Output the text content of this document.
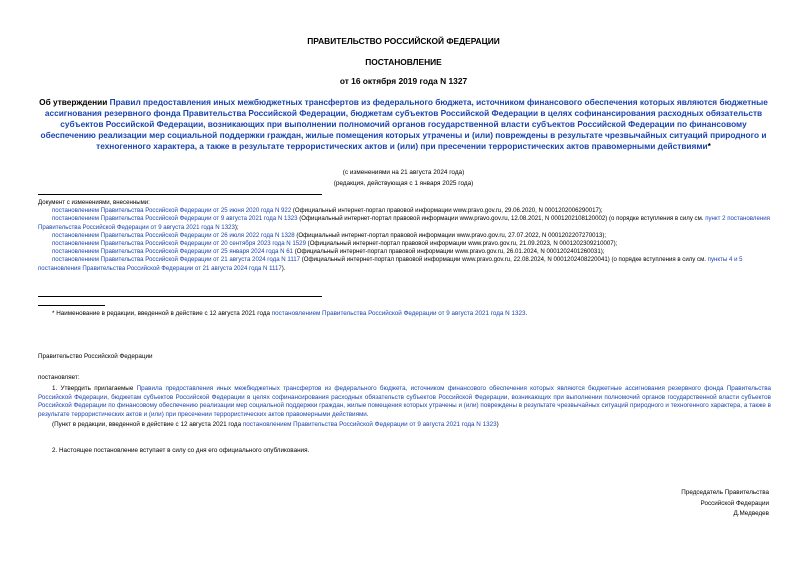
ПРАВИТЕЛЬСТВО РОССИЙСКОЙ ФЕДЕРАЦИИ
ПОСТАНОВЛЕНИЕ
от 16 октября 2019 года N 1327
Об утверждении Правил предоставления иных межбюджетных трансфертов из федерального бюджета, источником финансового обеспечения которых являются бюджетные ассигнования резервного фонда Правительства Российской Федерации, бюджетам субъектов Российской Федерации в целях софинансирования расходных обязательств субъектов Российской Федерации, возникающих при выполнении полномочий органов государственной власти субъектов Российской Федерации по финансовому обеспечению реализации мер социальной поддержки граждан, жилые помещения которых утрачены и (или) повреждены в результате чрезвычайных ситуаций природного и техногенного характера, а также в результате террористических актов и (или) при пресечении террористических актов правомерными действиями*
(с изменениями на 21 августа 2024 года)
(редакция, действующая с 1 января 2025 года)

Документ с изменениями, внесенными:

постановлением Правительства Российской Федерации от 25 июня 2020 года N 922 (Официальный интернет-портал правовой информации www.pravo.gov.ru, 29.06.2020, N 0001202006290017);

постановлением Правительства Российской Федерации от 9 августа 2021 года N 1323 (Официальный интернет-портал правовой информации www.pravo.gov.ru, 12.08.2021, N 0001202108120002) (о порядке вступления в силу см. пункт 2 постановления Правительства Российской Федерации от 9 августа 2021 года N 1323);

постановлением Правительства Российской Федерации от 26 июля 2022 года N 1328 (Официальный интернет-портал правовой информации www.pravo.gov.ru, 27.07.2022, N 0001202207270013);

постановлением Правительства Российской Федерации от 20 сентября 2023 года N 1529 (Официальный интернет-портал правовой информации www.pravo.gov.ru, 21.09.2023, N 0001202309210007);

постановлением Правительства Российской Федерации от 25 января 2024 года N 61 (Официальный интернет-портал правовой информации www.pravo.gov.ru, 26.01.2024, N 0001202401260031);

постановлением Правительства Российской Федерации от 21 августа 2024 года N 1117 (Официальный интернет-портал правовой информации www.pravo.gov.ru, 22.08.2024, N 0001202408220041) (о порядке вступления в силу см. пункты 4 и 5 постановления Правительства Российской Федерации от 21 августа 2024 года N 1117).

* Наименование в редакции, введенной в действие с 12 августа 2021 года постановлением Правительства Российской Федерации от 9 августа 2021 года N 1323.
Правительство Российской Федерации
постановляет:

1. Утвердить прилагаемые Правила предоставления иных межбюджетных трансфертов из федерального бюджета, источником финансового обеспечения которых являются бюджетные ассигнования резервного фонда Правительства Российской Федерации, бюджетам субъектов Российской Федерации в целях софинансирования расходных обязательств субъектов Российской Федерации, возникающих при выполнении полномочий органов государственной власти субъектов Российской Федерации по финансовому обеспечению реализации мер социальной поддержки граждан, жилые помещения которых утрачены и (или) повреждены в результате чрезвычайных ситуаций природного и техногенного характера, а также в результате террористических актов и (или) при пресечении террористических актов правомерными действиями.

(Пункт в редакции, введенной в действие с 12 августа 2021 года постановлением Правительства Российской Федерации от 9 августа 2021 года N 1323)

2. Настоящее постановление вступает в силу со дня его официального опубликования.

Председатель Правительства
Российской Федерации
Д.Медведев
